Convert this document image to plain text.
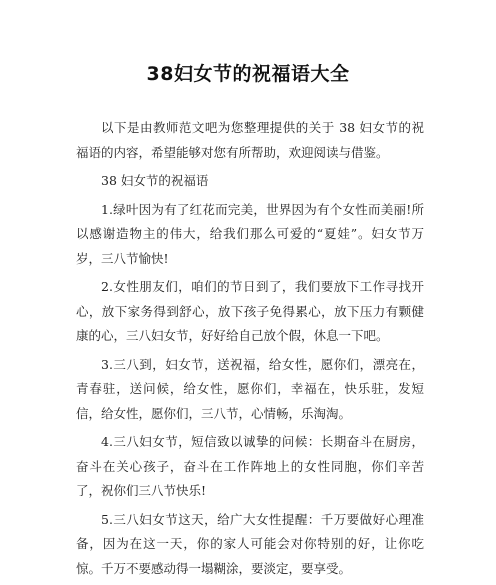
38妇女节的祝福语大全

以下是由教师范文吧为您整理提供的关于 38 妇女节的祝福语的内容，希望能够对您有所帮助，欢迎阅读与借鉴。

38 妇女节的祝福语

1.绿叶因为有了红花而完美，世界因为有个女性而美丽!所以感谢造物主的伟大，给我们那么可爱的“夏娃”。妇女节万岁，三八节愉快!

2.女性朋友们，咱们的节日到了，我们要放下工作寻找开心，放下家务得到舒心，放下孩子免得累心，放下压力有颗健康的心，三八妇女节，好好给自己放个假，休息一下吧。

3.三八到，妇女节，送祝福，给女性，愿你们，漂亮在，青春驻，送问候，给女性，愿你们，幸福在，快乐驻，发短信，给女性，愿你们，三八节，心情畅，乐淘淘。

4.三八妇女节，短信致以诚挚的问候：长期奋斗在厨房，奋斗在关心孩子，奋斗在工作阵地上的女性同胞，你们辛苦了，祝你们三八节快乐!

5.三八妇女节这天，给广大女性提醒：千万要做好心理准备，因为在这一天，你的家人可能会对你特别的好，让你吃惊。千万不要感动得一塌糊涂，要淡定，要享受。
